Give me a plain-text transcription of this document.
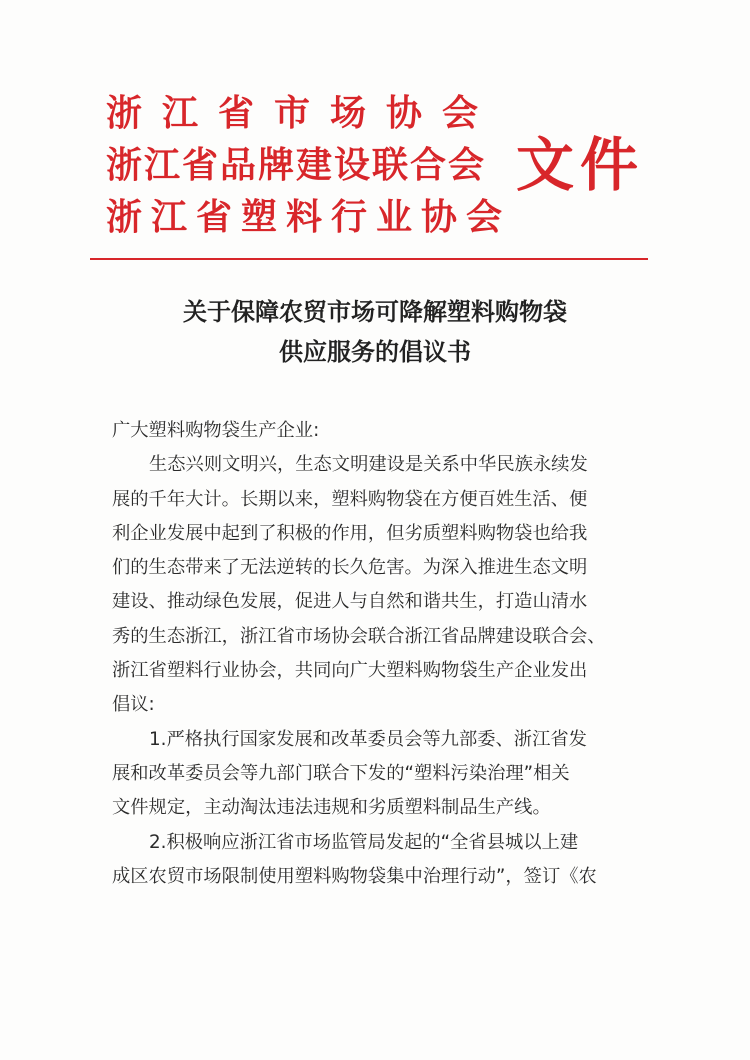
浙江省市场协会
浙江省品牌建设联合会
浙江省塑料行业协会
文件
关于保障农贸市场可降解塑料购物袋
供应服务的倡议书
广大塑料购物袋生产企业:
生态兴则文明兴，生态文明建设是关系中华民族永续发
展的千年大计。长期以来，塑料购物袋在方便百姓生活、便
利企业发展中起到了积极的作用，但劣质塑料购物袋也给我
们的生态带来了无法逆转的长久危害。为深入推进生态文明
建设、推动绿色发展，促进人与自然和谐共生，打造山清水
秀的生态浙江，浙江省市场协会联合浙江省品牌建设联合会、
浙江省塑料行业协会，共同向广大塑料购物袋生产企业发出
倡议:
1.严格执行国家发展和改革委员会等九部委、浙江省发
展和改革委员会等九部门联合下发的“塑料污染治理”相关
文件规定，主动淘汰违法违规和劣质塑料制品生产线。
2.积极响应浙江省市场监管局发起的“全省县城以上建
成区农贸市场限制使用塑料购物袋集中治理行动”，签订《农
